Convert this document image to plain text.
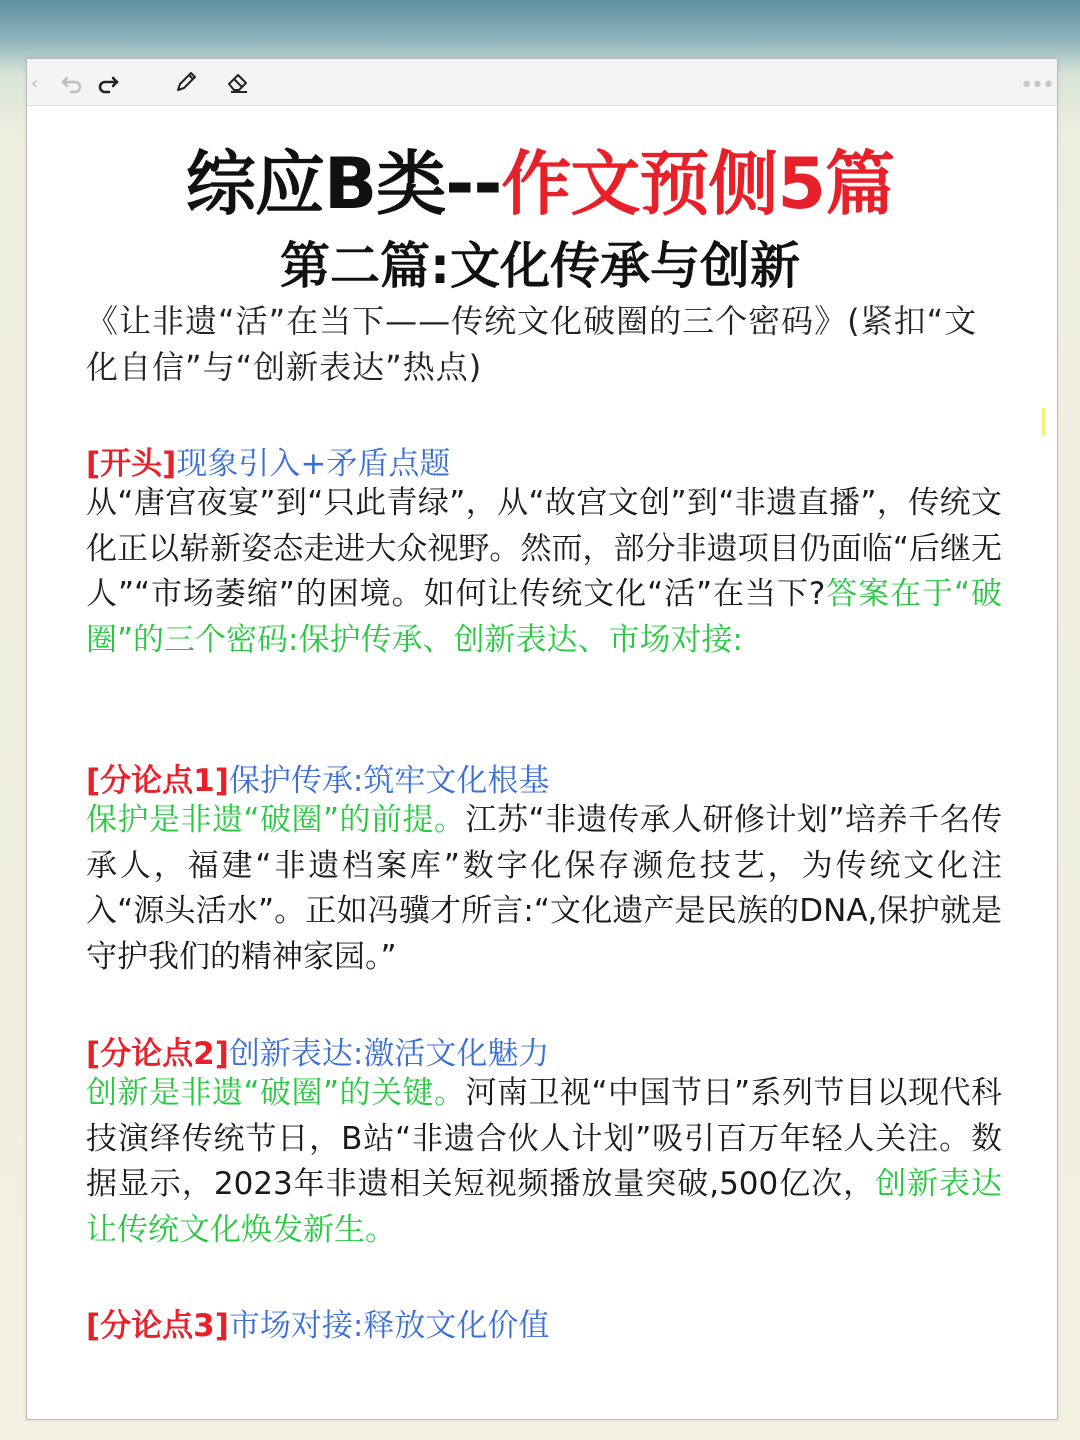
‹	•••
综应B类--作文预侧5篇
第二篇:文化传承与创新
《让非遗“活”在当下——传统文化破圈的三个密码》(紧扣“文化自信”与“创新表达”热点)
[开头]现象引入+矛盾点题
从“唐宫夜宴”到“只此青绿”，从“故宫文创”到“非遗直播”，传统文化正以崭新姿态走进大众视野。然而，部分非遗项目仍面临“后继无人”“市场萎缩”的困境。如何让传统文化“活”在当下?答案在于“破圈”的三个密码:保护传承、创新表达、市场对接:
[分论点1]保护传承:筑牢文化根基
保护是非遗“破圈”的前提。江苏“非遗传承人研修计划”培养千名传承人，福建“非遗档案库”数字化保存濒危技艺，为传统文化注入“源头活水”。正如冯骥才所言:“文化遗产是民族的DNA,保护就是守护我们的精神家园。”
[分论点2]创新表达:激活文化魅力
创新是非遗“破圈”的关键。河南卫视“中国节日”系列节目以现代科技演绎传统节日，B站“非遗合伙人计划”吸引百万年轻人关注。数据显示，2023年非遗相关短视频播放量突破,500亿次，创新表达让传统文化焕发新生。
[分论点3]市场对接:释放文化价值
